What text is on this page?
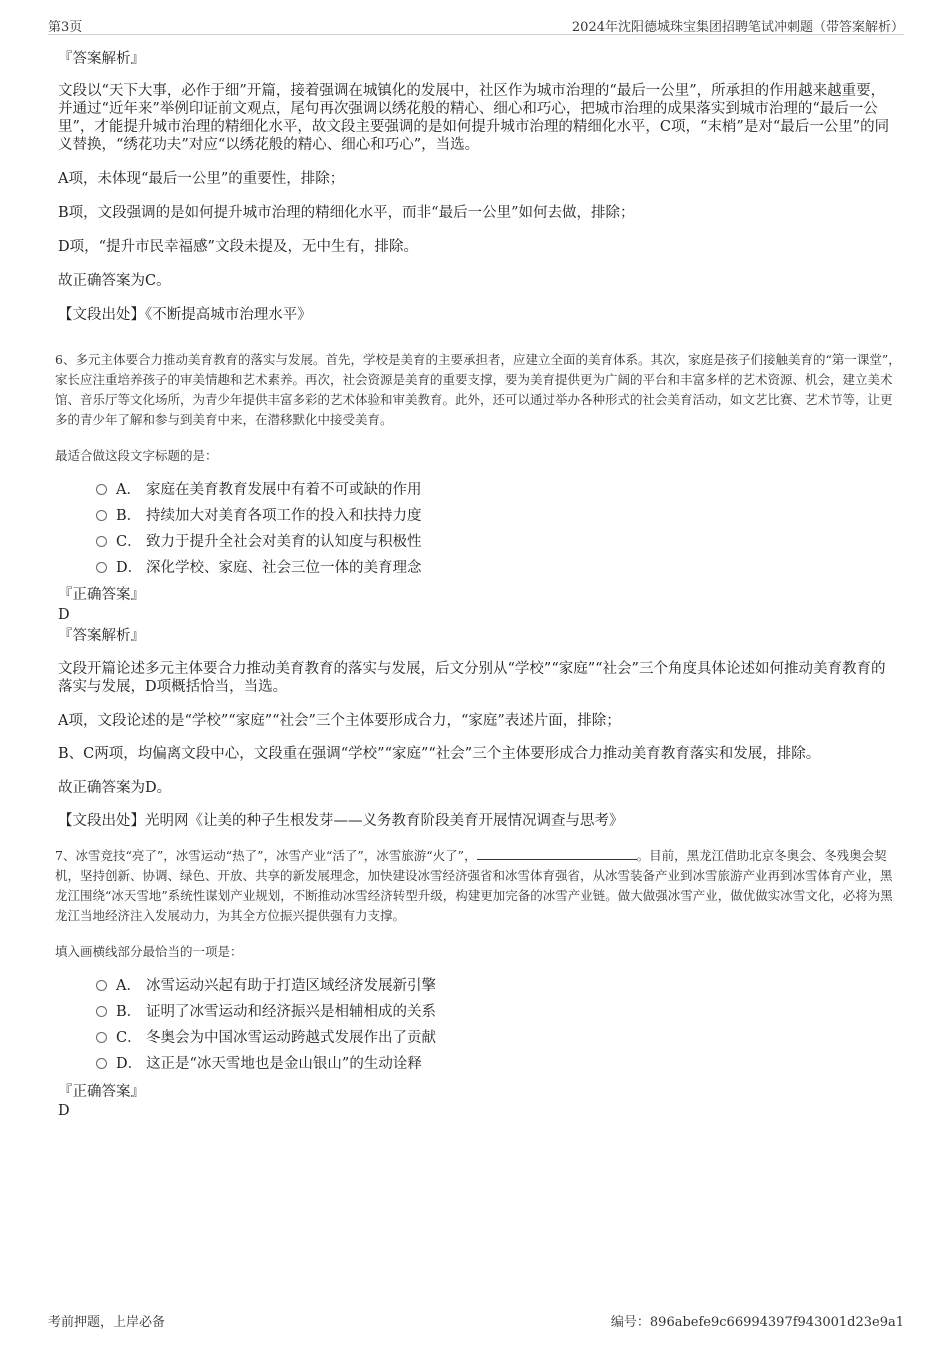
第3页	2024年沈阳德城珠宝集团招聘笔试冲刺题（带答案解析）
『答案解析』

文段以“天下大事，必作于细”开篇，接着强调在城镇化的发展中，社区作为城市治理的“最后一公里”，所承担的作用越来越重要，并通过“近年来”举例印证前文观点，尾句再次强调以绣花般的精心、细心和巧心，把城市治理的成果落实到城市治理的“最后一公里”，才能提升城市治理的精细化水平，故文段主要强调的是如何提升城市治理的精细化水平，C项，“末梢”是对“最后一公里”的同义替换，“绣花功夫”对应“以绣花般的精心、细心和巧心”，当选。

A项，未体现“最后一公里”的重要性，排除；
B项，文段强调的是如何提升城市治理的精细化水平，而非“最后一公里”如何去做，排除；
D项，“提升市民幸福感”文段未提及，无中生有，排除。
故正确答案为C。
【文段出处】《不断提高城市治理水平》

6、多元主体要合力推动美育教育的落实与发展。首先，学校是美育的主要承担者，应建立全面的美育体系。其次，家庭是孩子们接触美育的“第一课堂”，家长应注重培养孩子的审美情趣和艺术素养。再次，社会资源是美育的重要支撑，要为美育提供更为广阔的平台和丰富多样的艺术资源、机会，建立美术馆、音乐厅等文化场所，为青少年提供丰富多彩的艺术体验和审美教育。此外，还可以通过举办各种形式的社会美育活动，如文艺比赛、艺术节等，让更多的青少年了解和参与到美育中来，在潜移默化中接受美育。

最适合做这段文字标题的是：
A． 家庭在美育教育发展中有着不可或缺的作用
B． 持续加大对美育各项工作的投入和扶持力度
C． 致力于提升全社会对美育的认知度与积极性
D． 深化学校、家庭、社会三位一体的美育理念
『正确答案』
D
『答案解析』

文段开篇论述多元主体要合力推动美育教育的落实与发展，后文分别从“学校”“家庭”“社会”三个角度具体论述如何推动美育教育的落实与发展，D项概括恰当，当选。

A项，文段论述的是“学校”“家庭”“社会”三个主体要形成合力，“家庭”表述片面，排除；
B、C两项，均偏离文段中心，文段重在强调“学校”“家庭”“社会”三个主体要形成合力推动美育教育落实和发展，排除。
故正确答案为D。
【文段出处】光明网《让美的种子生根发芽——义务教育阶段美育开展情况调查与思考》

7、冰雪竞技“亮了”，冰雪运动“热了”，冰雪产业“活了”，冰雪旅游“火了”，	。目前，黑龙江借助北京冬奥会、冬残奥会契机，坚持创新、协调、绿色、开放、共享的新发展理念，加快建设冰雪经济强省和冰雪体育强省，从冰雪装备产业到冰雪旅游产业再到冰雪体育产业，黑龙江围绕“冰天雪地”系统性谋划产业规划，不断推动冰雪经济转型升级，构建更加完备的冰雪产业链。做大做强冰雪产业，做优做实冰雪文化，必将为黑龙江当地经济注入发展动力，为其全方位振兴提供强有力支撑。

填入画横线部分最恰当的一项是：
A． 冰雪运动兴起有助于打造区域经济发展新引擎
B． 证明了冰雪运动和经济振兴是相辅相成的关系
C． 冬奥会为中国冰雪运动跨越式发展作出了贡献
D． 这正是“冰天雪地也是金山银山”的生动诠释
『正确答案』
D
考前押题，上岸必备	编号：896abefe9c66994397f943001d23e9a1
